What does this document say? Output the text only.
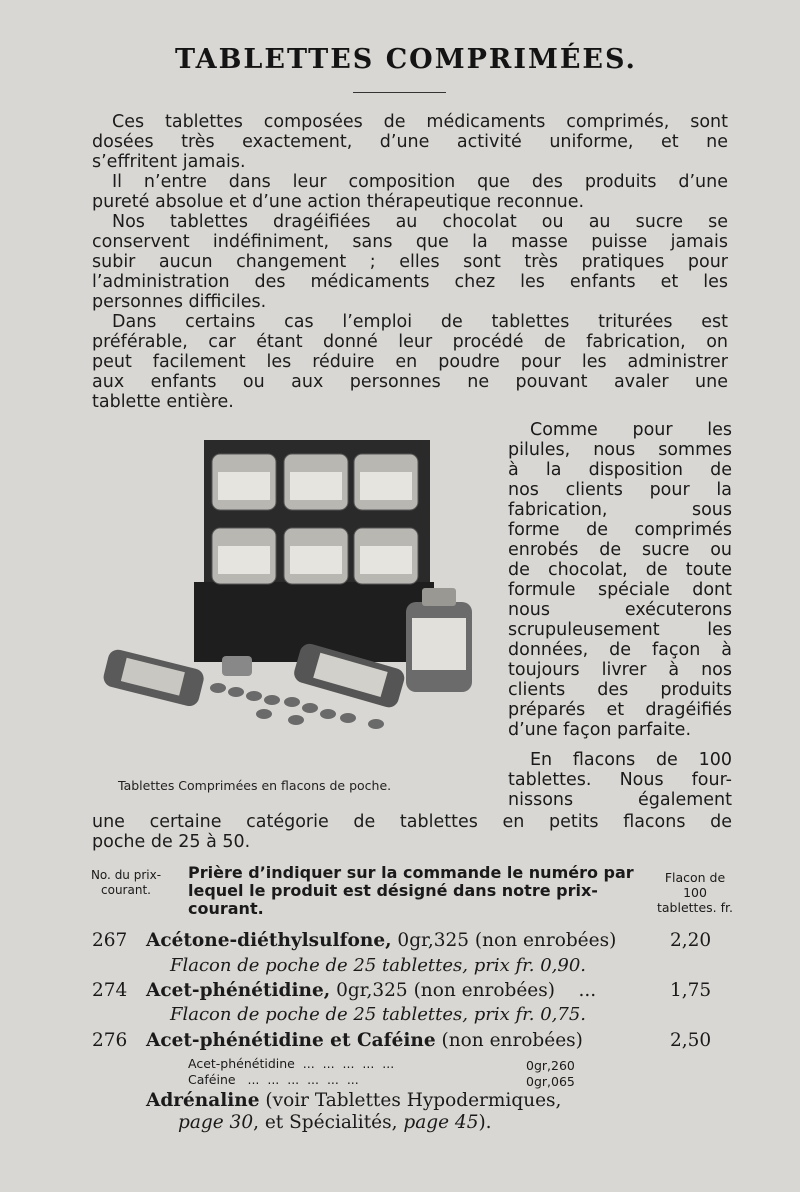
TABLETTES COMPRIMÉES.
Ces tablettes composées de médicaments comprimés, sont
dosées très exactement, d’une activité uniforme, et ne
s’effritent jamais.
Il n’entre dans leur composition que des produits d’une
pureté absolue et d’une action thérapeutique reconnue.
Nos tablettes dragéifiées au chocolat ou au sucre se
conservent indéfiniment, sans que la masse puisse jamais
subir aucun changement ; elles sont très pratiques pour
l’administration des médicaments chez les enfants et les
personnes difficiles.
Dans certains cas l’emploi de tablettes triturées est
préférable, car étant donné leur procédé de fabrication, on
peut facilement les réduire en poudre pour les administrer
aux enfants ou aux personnes ne pouvant avaler une
tablette entière.
Tablettes Comprimées en flacons de poche.
Comme pour les
pilules, nous sommes
à la disposition de
nos clients pour la
fabrication, sous
forme de comprimés
enrobés de sucre ou
de chocolat, de toute
formule spéciale dont
nous exécuterons
scrupuleusement les
données, de façon à
toujours livrer à nos
clients des produits
préparés et dragéifiés
d’une façon parfaite.
En flacons de 100
tablettes. Nous four-
nissons également
une certaine catégorie de tablettes en petits flacons de
poche de 25 à 50.
No. du prix-courant.
Prière d’indiquer sur la commande le numéro par lequel le produit est désigné dans notre prix-courant.
Flacon de 100 tablettes. fr.
267 Acétone-diéthylsulfone, 0gr,325 (non enrobées)	2,20
Flacon de poche de 25 tablettes, prix fr. 0,90.
274 Acet-phénétidine, 0gr,325 (non enrobées)    ...	1,75
Flacon de poche de 25 tablettes, prix fr. 0,75.
276 Acet-phénétidine et Caféine (non enrobées)	2,50
Acet-phénétidine  ...  ...  ...  ...  ...	0gr,260
Caféine   ...  ...  ...  ...  ...  ...	0gr,065
Adrénaline (voir Tablettes Hypodermiques,
page 30, et Spécialités, page 45).
